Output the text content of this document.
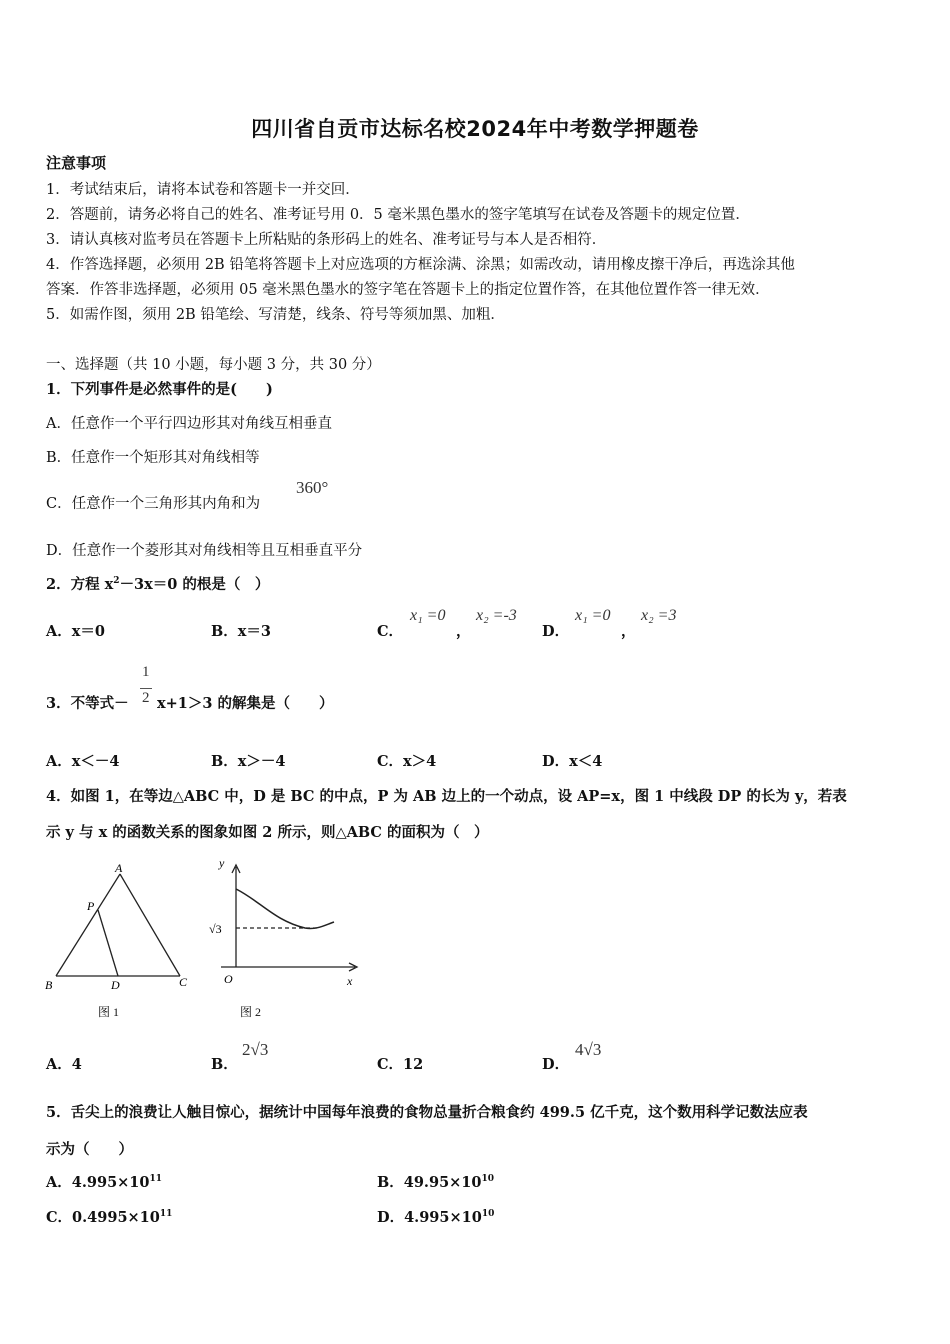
四川省自贡市达标名校2024年中考数学押题卷
注意事项
1．考试结束后，请将本试卷和答题卡一并交回．
2．答题前，请务必将自己的姓名、准考证号用 0．5 毫米黑色墨水的签字笔填写在试卷及答题卡的规定位置．
3．请认真核对监考员在答题卡上所粘贴的条形码上的姓名、准考证号与本人是否相符．
4．作答选择题，必须用 2B 铅笔将答题卡上对应选项的方框涂满、涂黑；如需改动，请用橡皮擦干净后，再选涂其他
答案．作答非选择题，必须用 05 毫米黑色墨水的签字笔在答题卡上的指定位置作答，在其他位置作答一律无效．
5．如需作图，须用 2B 铅笔绘、写清楚，线条、符号等须加黑、加粗．
一、选择题（共 10 小题，每小题 3 分，共 30 分）
1．下列事件是必然事件的是(　　)
A．任意作一个平行四边形其对角线互相垂直
B．任意作一个矩形其对角线相等
C．任意作一个三角形其内角和为
360°
D．任意作一个菱形其对角线相等且互相垂直平分
2．方程 $x^2-3x=0$ 的根是（　）
A．x＝0	B．x＝3	C．
x₁ =0
，
x₂ =-3
D．
x₁ =0
，
x₂ =3
3．不等式－
1
2 x+1＞3 的解集是（　　）
A．x＜－4	B．x＞－4	C．x＞4	D．x＜4
4．如图 1，在等边△ABC 中，D 是 BC 的中点，P 为 AB 边上的一个动点，设 AP=x，图 1 中线段 DP 的长为 y，若表
示 y 与 x 的函数关系的图象如图 2 所示，则△ABC 的面积为（　）
A
P
B	D	C
图 1
y
√3
O	x
图 2
A．4	B．
2√3
C．12	D．
4√3
5．舌尖上的浪费让人触目惊心，据统计中国每年浪费的食物总量折合粮食约 499.5 亿千克，这个数用科学记数法应表
示为（　　）
A．$4.995\times 10^{11}$	B．$49.95\times 10^{10}$
C．$0.4995\times 10^{11}$	D．$4.995\times 10^{10}$
